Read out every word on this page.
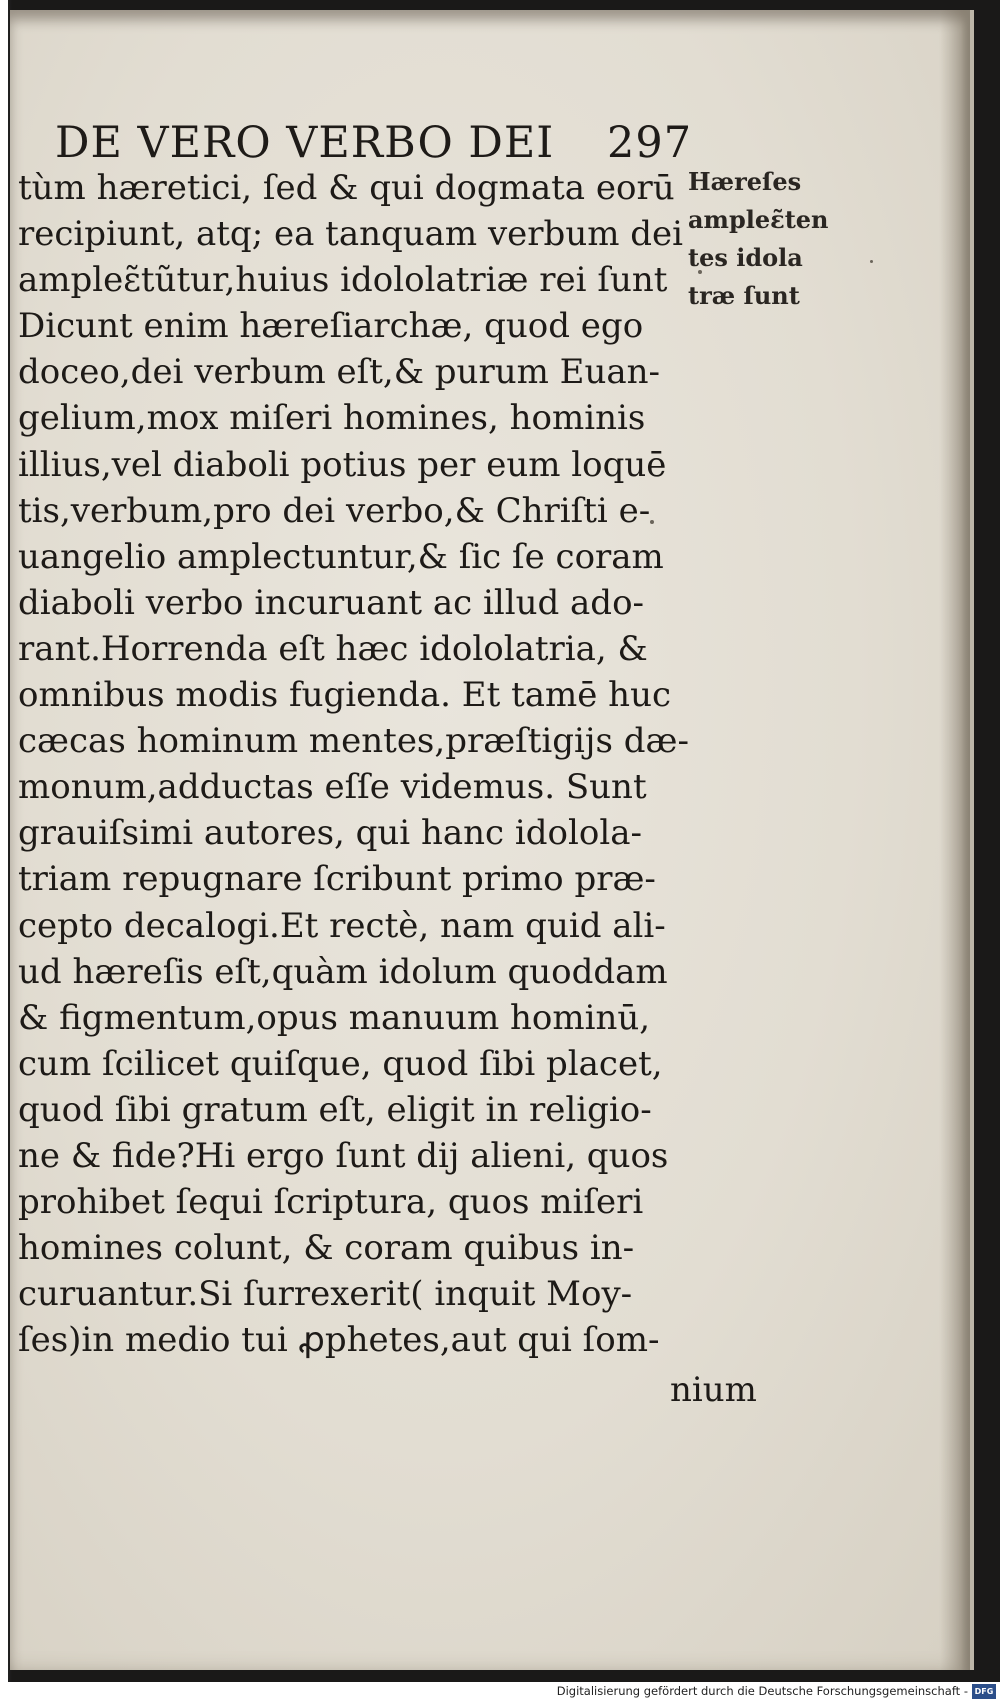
DE VERO VERBO DEI 297
tùm hæretici, ſed & qui dogmata eorū
recipiunt, atq; ea tanquam verbum dei
ampleɛ̃tũtur,huius idololatriæ rei ſunt
Dicunt enim hæreſiarchæ, quod ego
doceo,dei verbum eſt,& purum Euan-
gelium,mox miſeri homines, hominis
illius,vel diaboli potius per eum loquē
tis,verbum,pro dei verbo,& Chriſti e-
uangelio amplectuntur,& ſic ſe coram
diaboli verbo incuruant ac illud ado-
rant.Horrenda eſt hæc idololatria, &
omnibus modis fugienda. Et tamē huc
cæcas hominum mentes,præſtigijs dæ-
monum,adductas eſſe videmus. Sunt
grauiſsimi autores, qui hanc idolola-
triam repugnare ſcribunt primo præ-
cepto decalogi.Et rectè, nam quid ali-
ud hæreſis eſt,quàm idolum quoddam
& figmentum,opus manuum hominū,
cum ſcilicet quiſque, quod ſibi placet,
quod ſibi gratum eſt, eligit in religio-
ne & fide?Hi ergo ſunt dij alieni, quos
prohibet ſequi ſcriptura, quos miſeri
homines colunt, & coram quibus in-
curuantur.Si ſurrexerit( inquit Moy-
ſes)in medio tui ꝓphetes,aut qui ſom-
nium
Hæreſes
ampleɛ̃ten
tes idola
træ ſunt
Digitalisierung gefördert durch die Deutsche Forschungsgemeinschaft - DFG
